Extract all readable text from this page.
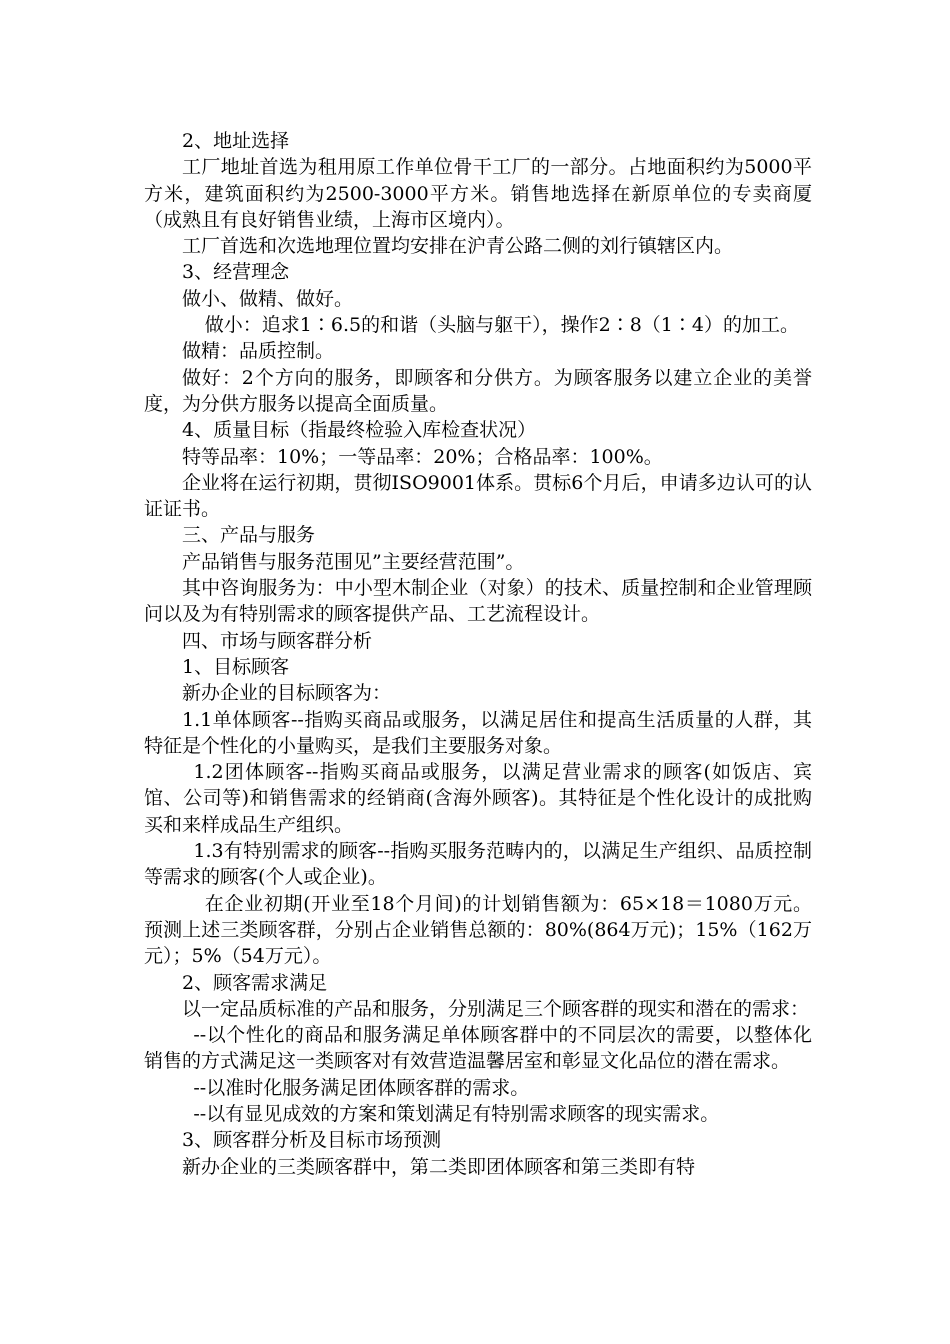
2、地址选择

工厂地址首选为租用原工作单位骨干工厂的一部分。占地面积约为5000平方米，建筑面积约为2500-3000平方米。销售地选择在新原单位的专卖商厦（成熟且有良好销售业绩，上海市区境内）。

工厂首选和次选地理位置均安排在沪青公路二侧的刘行镇辖区内。

3、经营理念

做小、做精、做好。

做小：追求1∶6.5的和谐（头脑与躯干），操作2∶8（1∶4）的加工。

做精：品质控制。

做好：2个方向的服务，即顾客和分供方。为顾客服务以建立企业的美誉度，为分供方服务以提高全面质量。

4、质量目标（指最终检验入库检查状况）

特等品率：10%；一等品率：20%；合格品率：100%。

企业将在运行初期，贯彻ISO9001体系。贯标6个月后，申请多边认可的认证证书。

三、产品与服务

产品销售与服务范围见”主要经营范围”。

其中咨询服务为：中小型木制企业（对象）的技术、质量控制和企业管理顾问以及为有特别需求的顾客提供产品、工艺流程设计。

四、市场与顾客群分析

1、目标顾客

新办企业的目标顾客为：

1.1单体顾客--指购买商品或服务，以满足居住和提高生活质量的人群，其特征是个性化的小量购买，是我们主要服务对象。

1.2团体顾客--指购买商品或服务，以满足营业需求的顾客(如饭店、宾馆、公司等)和销售需求的经销商(含海外顾客)。其特征是个性化设计的成批购买和来样成品生产组织。

1.3有特别需求的顾客--指购买服务范畴内的，以满足生产组织、品质控制等需求的顾客(个人或企业)。

在企业初期(开业至18个月间)的计划销售额为：65×18＝1080万元。预测上述三类顾客群，分别占企业销售总额的：80%(864万元)；15%（162万元）；5%（54万元）。

2、顾客需求满足

以一定品质标准的产品和服务，分别满足三个顾客群的现实和潜在的需求：

--以个性化的商品和服务满足单体顾客群中的不同层次的需要，以整体化销售的方式满足这一类顾客对有效营造温馨居室和彰显文化品位的潜在需求。

--以准时化服务满足团体顾客群的需求。

--以有显见成效的方案和策划满足有特别需求顾客的现实需求。

3、顾客群分析及目标市场预测

新办企业的三类顾客群中，第二类即团体顾客和第三类即有特
